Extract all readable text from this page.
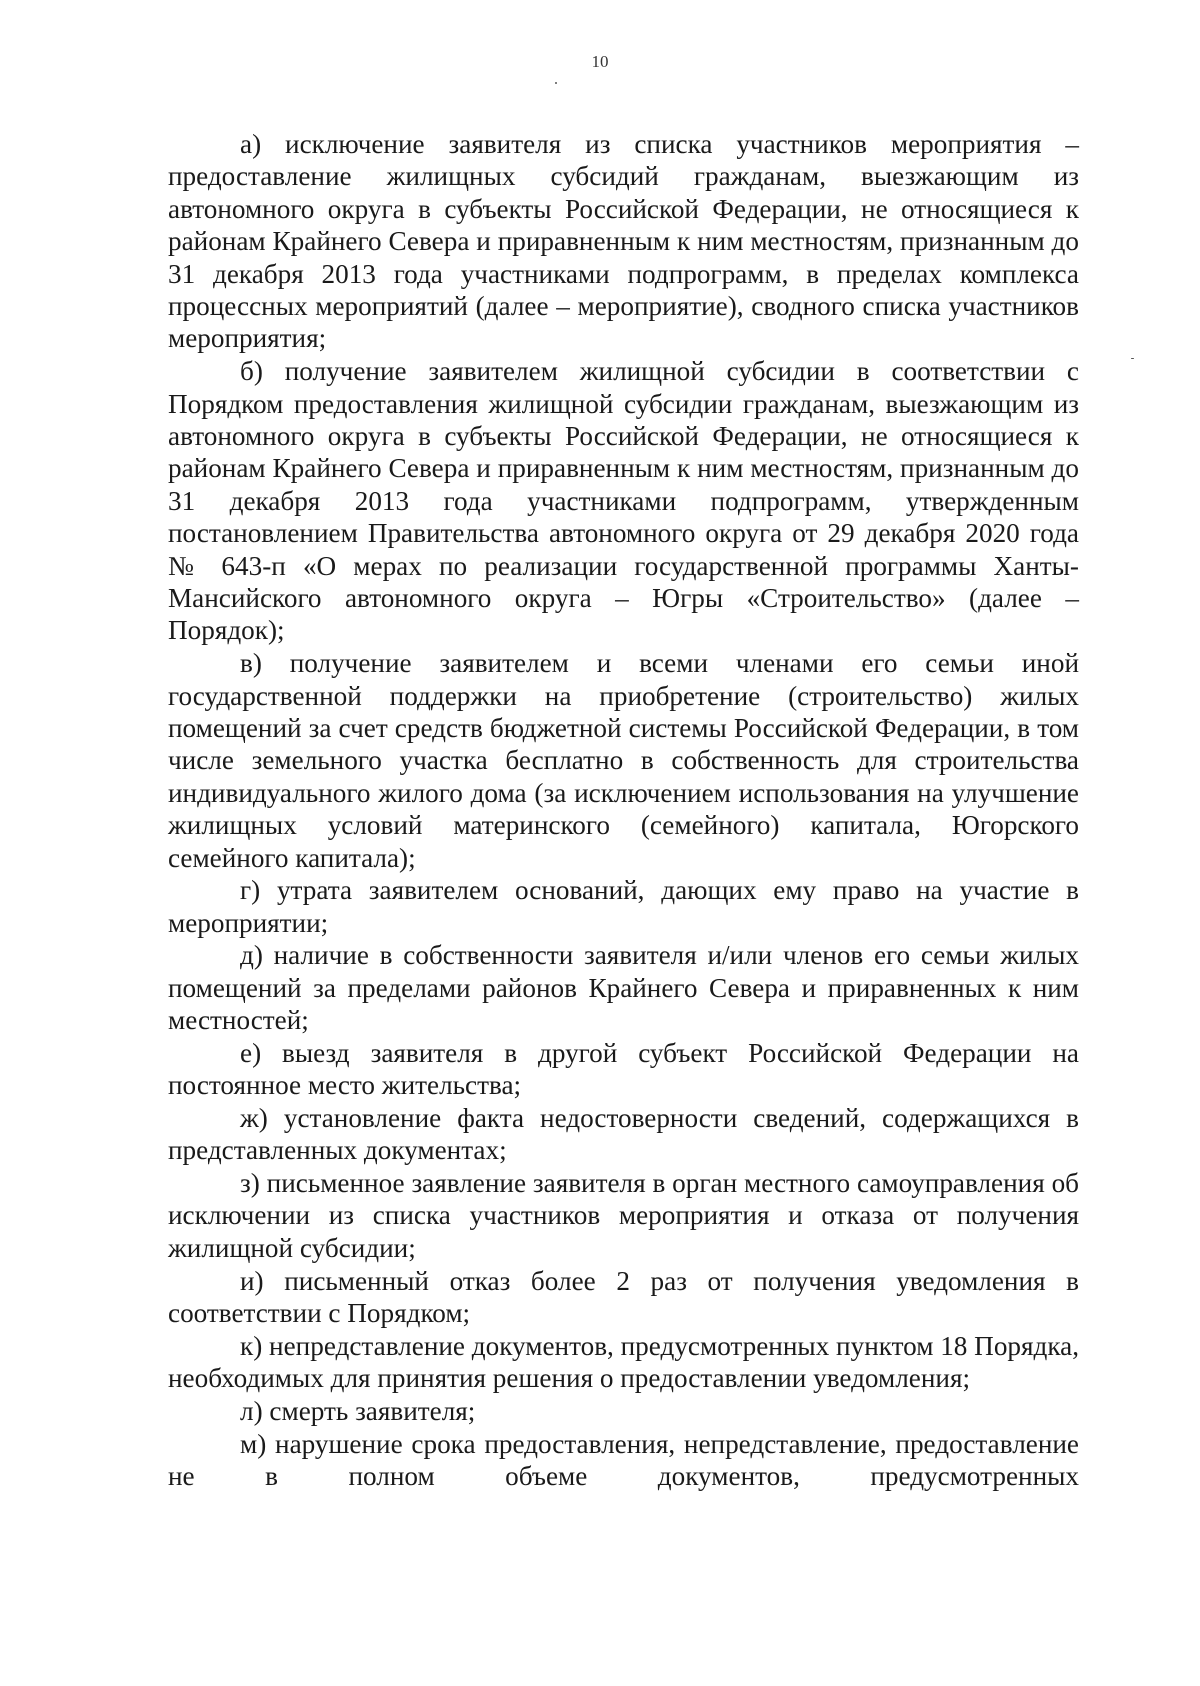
10

а) исключение заявителя из списка участников мероприятия – предоставление жилищных субсидий гражданам, выезжающим из автономного округа в субъекты Российской Федерации, не относящиеся к районам Крайнего Севера и приравненным к ним местностям, признанным до 31 декабря 2013 года участниками подпрограмм, в пределах комплекса процессных мероприятий (далее – мероприятие), сводного списка участников мероприятия;

б) получение заявителем жилищной субсидии в соответствии с Порядком предоставления жилищной субсидии гражданам, выезжающим из автономного округа в субъекты Российской Федерации, не относящиеся к районам Крайнего Севера и приравненным к ним местностям, признанным до 31 декабря 2013 года участниками подпрограмм, утвержденным постановлением Правительства автономного округа от 29 декабря 2020 года № 643-п «О мерах по реализации государственной программы Ханты-Мансийского автономного округа – Югры «Строительство» (далее – Порядок);

в) получение заявителем и всеми членами его семьи иной государственной поддержки на приобретение (строительство) жилых помещений за счет средств бюджетной системы Российской Федерации, в том числе земельного участка бесплатно в собственность для строительства индивидуального жилого дома (за исключением использования на улучшение жилищных условий материнского (семейного) капитала, Югорского семейного капитала);

г) утрата заявителем оснований, дающих ему право на участие в мероприятии;

д) наличие в собственности заявителя и/или членов его семьи жилых помещений за пределами районов Крайнего Севера и приравненных к ним местностей;

е) выезд заявителя в другой субъект Российской Федерации на постоянное место жительства;

ж) установление факта недостоверности сведений, содержащихся в представленных документах;

з) письменное заявление заявителя в орган местного самоуправления об исключении из списка участников мероприятия и отказа от получения жилищной субсидии;

и) письменный отказ более 2 раз от получения уведомления в соответствии с Порядком;

к) непредставление документов, предусмотренных пунктом 18 Порядка, необходимых для принятия решения о предоставлении уведомления;

л) смерть заявителя;

м) нарушение срока предоставления, непредставление, предоставление не в полном объеме документов, предусмотренных
